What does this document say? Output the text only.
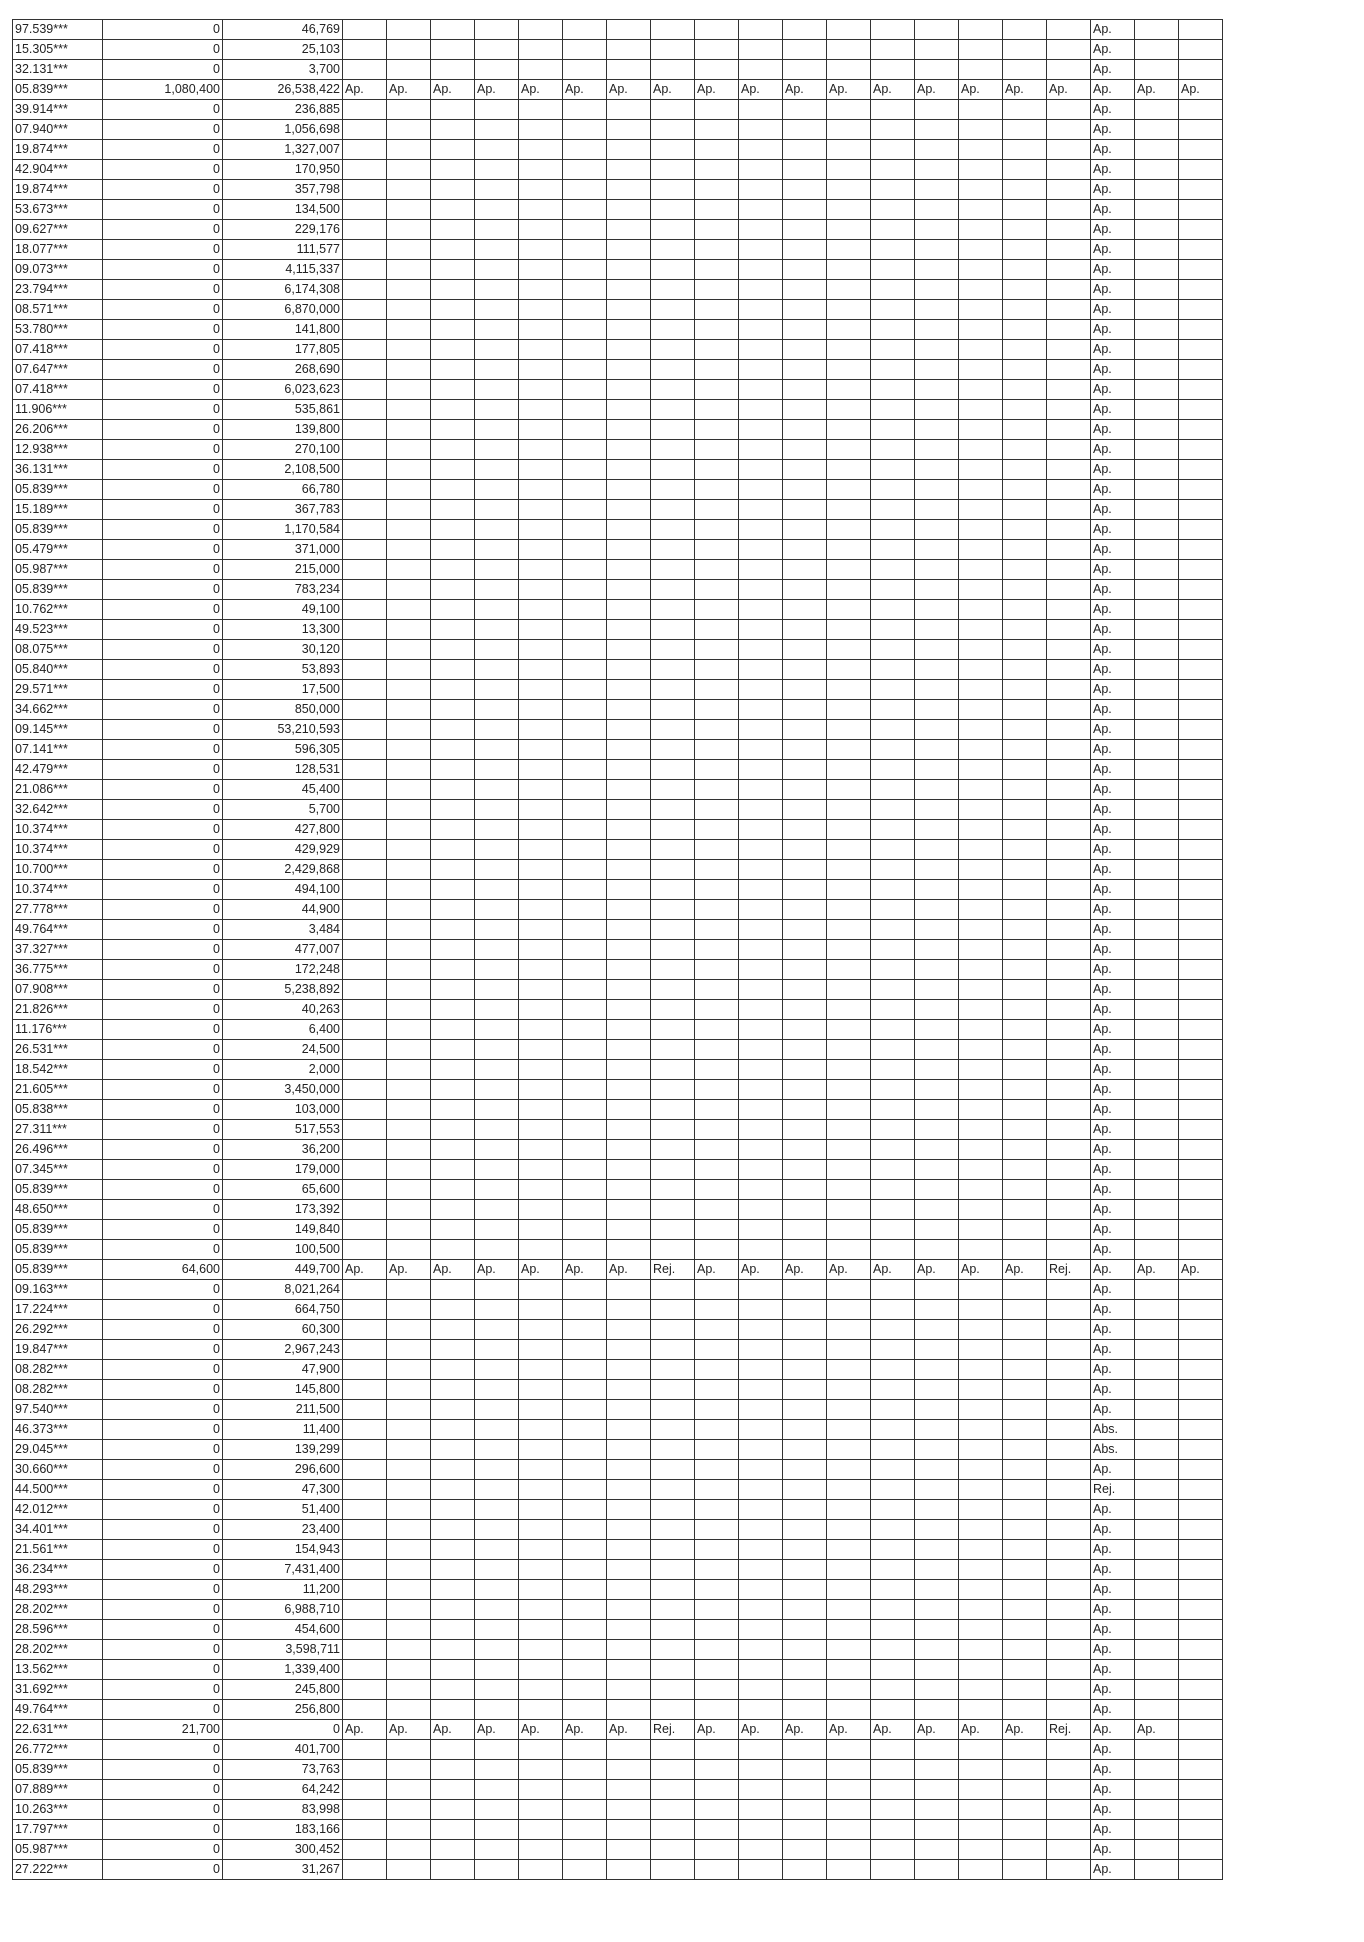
97.539***	0	46,769																		Ap.		
15.305***	0	25,103																		Ap.		
32.131***	0	3,700																		Ap.		
05.839***	1,080,400	26,538,422	Ap.	Ap.	Ap.	Ap.	Ap.	Ap.	Ap.	Ap.	Ap.	Ap.	Ap.	Ap.	Ap.	Ap.	Ap.	Ap.	Ap.	Ap.	Ap.	Ap.
39.914***	0	236,885																		Ap.		
07.940***	0	1,056,698																		Ap.		
19.874***	0	1,327,007																		Ap.		
42.904***	0	170,950																		Ap.		
19.874***	0	357,798																		Ap.		
53.673***	0	134,500																		Ap.		
09.627***	0	229,176																		Ap.		
18.077***	0	111,577																		Ap.		
09.073***	0	4,115,337																		Ap.		
23.794***	0	6,174,308																		Ap.		
08.571***	0	6,870,000																		Ap.		
53.780***	0	141,800																		Ap.		
07.418***	0	177,805																		Ap.		
07.647***	0	268,690																		Ap.		
07.418***	0	6,023,623																		Ap.		
11.906***	0	535,861																		Ap.		
26.206***	0	139,800																		Ap.		
12.938***	0	270,100																		Ap.		
36.131***	0	2,108,500																		Ap.		
05.839***	0	66,780																		Ap.		
15.189***	0	367,783																		Ap.		
05.839***	0	1,170,584																		Ap.		
05.479***	0	371,000																		Ap.		
05.987***	0	215,000																		Ap.		
05.839***	0	783,234																		Ap.		
10.762***	0	49,100																		Ap.		
49.523***	0	13,300																		Ap.		
08.075***	0	30,120																		Ap.		
05.840***	0	53,893																		Ap.		
29.571***	0	17,500																		Ap.		
34.662***	0	850,000																		Ap.		
09.145***	0	53,210,593																		Ap.		
07.141***	0	596,305																		Ap.		
42.479***	0	128,531																		Ap.		
21.086***	0	45,400																		Ap.		
32.642***	0	5,700																		Ap.		
10.374***	0	427,800																		Ap.		
10.374***	0	429,929																		Ap.		
10.700***	0	2,429,868																		Ap.		
10.374***	0	494,100																		Ap.		
27.778***	0	44,900																		Ap.		
49.764***	0	3,484																		Ap.		
37.327***	0	477,007																		Ap.		
36.775***	0	172,248																		Ap.		
07.908***	0	5,238,892																		Ap.		
21.826***	0	40,263																		Ap.		
11.176***	0	6,400																		Ap.		
26.531***	0	24,500																		Ap.		
18.542***	0	2,000																		Ap.		
21.605***	0	3,450,000																		Ap.		
05.838***	0	103,000																		Ap.		
27.311***	0	517,553																		Ap.		
26.496***	0	36,200																		Ap.		
07.345***	0	179,000																		Ap.		
05.839***	0	65,600																		Ap.		
48.650***	0	173,392																		Ap.		
05.839***	0	149,840																		Ap.		
05.839***	0	100,500																		Ap.		
05.839***	64,600	449,700	Ap.	Ap.	Ap.	Ap.	Ap.	Ap.	Ap.	Rej.	Ap.	Ap.	Ap.	Ap.	Ap.	Ap.	Ap.	Ap.	Rej.	Ap.	Ap.	Ap.
09.163***	0	8,021,264																		Ap.		
17.224***	0	664,750																		Ap.		
26.292***	0	60,300																		Ap.		
19.847***	0	2,967,243																		Ap.		
08.282***	0	47,900																		Ap.		
08.282***	0	145,800																		Ap.		
97.540***	0	211,500																		Ap.		
46.373***	0	11,400																		Abs.		
29.045***	0	139,299																		Abs.		
30.660***	0	296,600																		Ap.		
44.500***	0	47,300																		Rej.		
42.012***	0	51,400																		Ap.		
34.401***	0	23,400																		Ap.		
21.561***	0	154,943																		Ap.		
36.234***	0	7,431,400																		Ap.		
48.293***	0	11,200																		Ap.		
28.202***	0	6,988,710																		Ap.		
28.596***	0	454,600																		Ap.		
28.202***	0	3,598,711																		Ap.		
13.562***	0	1,339,400																		Ap.		
31.692***	0	245,800																		Ap.		
49.764***	0	256,800																		Ap.		
22.631***	21,700	0	Ap.	Ap.	Ap.	Ap.	Ap.	Ap.	Ap.	Rej.	Ap.	Ap.	Ap.	Ap.	Ap.	Ap.	Ap.	Ap.	Rej.	Ap.	Ap.	
26.772***	0	401,700																		Ap.		
05.839***	0	73,763																		Ap.		
07.889***	0	64,242																		Ap.		
10.263***	0	83,998																		Ap.		
17.797***	0	183,166																		Ap.		
05.987***	0	300,452																		Ap.		
27.222***	0	31,267																		Ap.		
